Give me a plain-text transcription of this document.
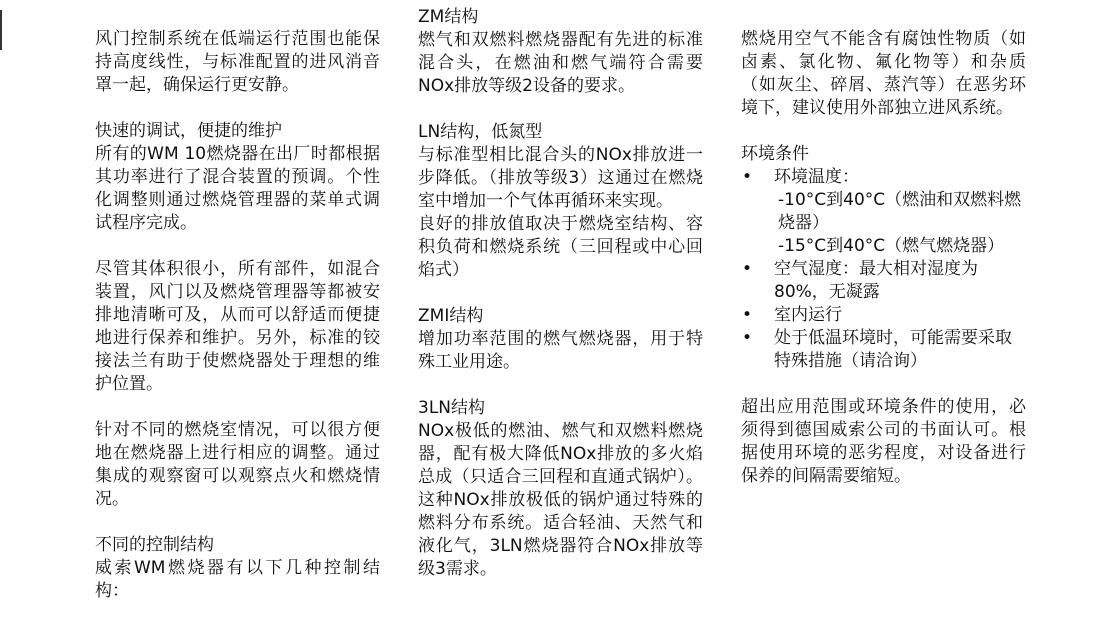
风门控制系统在低端运行范围也能保持高度线性，与标准配置的进风消音罩一起，确保运行更安静。

快速的调试，便捷的维护
所有的WM 10燃烧器在出厂时都根据其功率进行了混合装置的预调。个性化调整则通过燃烧管理器的菜单式调试程序完成。

尽管其体积很小，所有部件，如混合装置，风门以及燃烧管理器等都被安排地清晰可及，从而可以舒适而便捷地进行保养和维护。另外，标准的铰接法兰有助于使燃烧器处于理想的维护位置。

针对不同的燃烧室情况，可以很方便地在燃烧器上进行相应的调整。通过集成的观察窗可以观察点火和燃烧情况。

不同的控制结构
威索WM燃烧器有以下几种控制结构：

ZM结构
燃气和双燃料燃烧器配有先进的标准混合头，在燃油和燃气端符合需要NOx排放等级2设备的要求。

LN结构，低氮型
与标准型相比混合头的NOx排放进一步降低。（排放等级3）这通过在燃烧室中增加一个气体再循环来实现。
良好的排放值取决于燃烧室结构、容积负荷和燃烧系统（三回程或中心回焰式）

ZMI结构
增加功率范围的燃气燃烧器，用于特殊工业用途。

3LN结构
NOx极低的燃油、燃气和双燃料燃烧器，配有极大降低NOx排放的多火焰总成（只适合三回程和直通式锅炉）。这种NOx排放极低的锅炉通过特殊的燃料分布系统。适合轻油、天然气和液化气，3LN燃烧器符合NOx排放等级3需求。

燃烧用空气不能含有腐蚀性物质（如卤素、氯化物、氟化物等）和杂质（如灰尘、碎屑、蒸汽等）在恶劣环境下，建议使用外部独立进风系统。

环境条件
• 环境温度：
-10°C到40°C（燃油和双燃料燃烧器）
-15°C到40°C（燃气燃烧器）
• 空气湿度：最大相对湿度为80%，无凝露
• 室内运行
• 处于低温环境时，可能需要采取特殊措施（请洽询）

超出应用范围或环境条件的使用，必须得到德国威索公司的书面认可。根据使用环境的恶劣程度，对设备进行保养的间隔需要缩短。
